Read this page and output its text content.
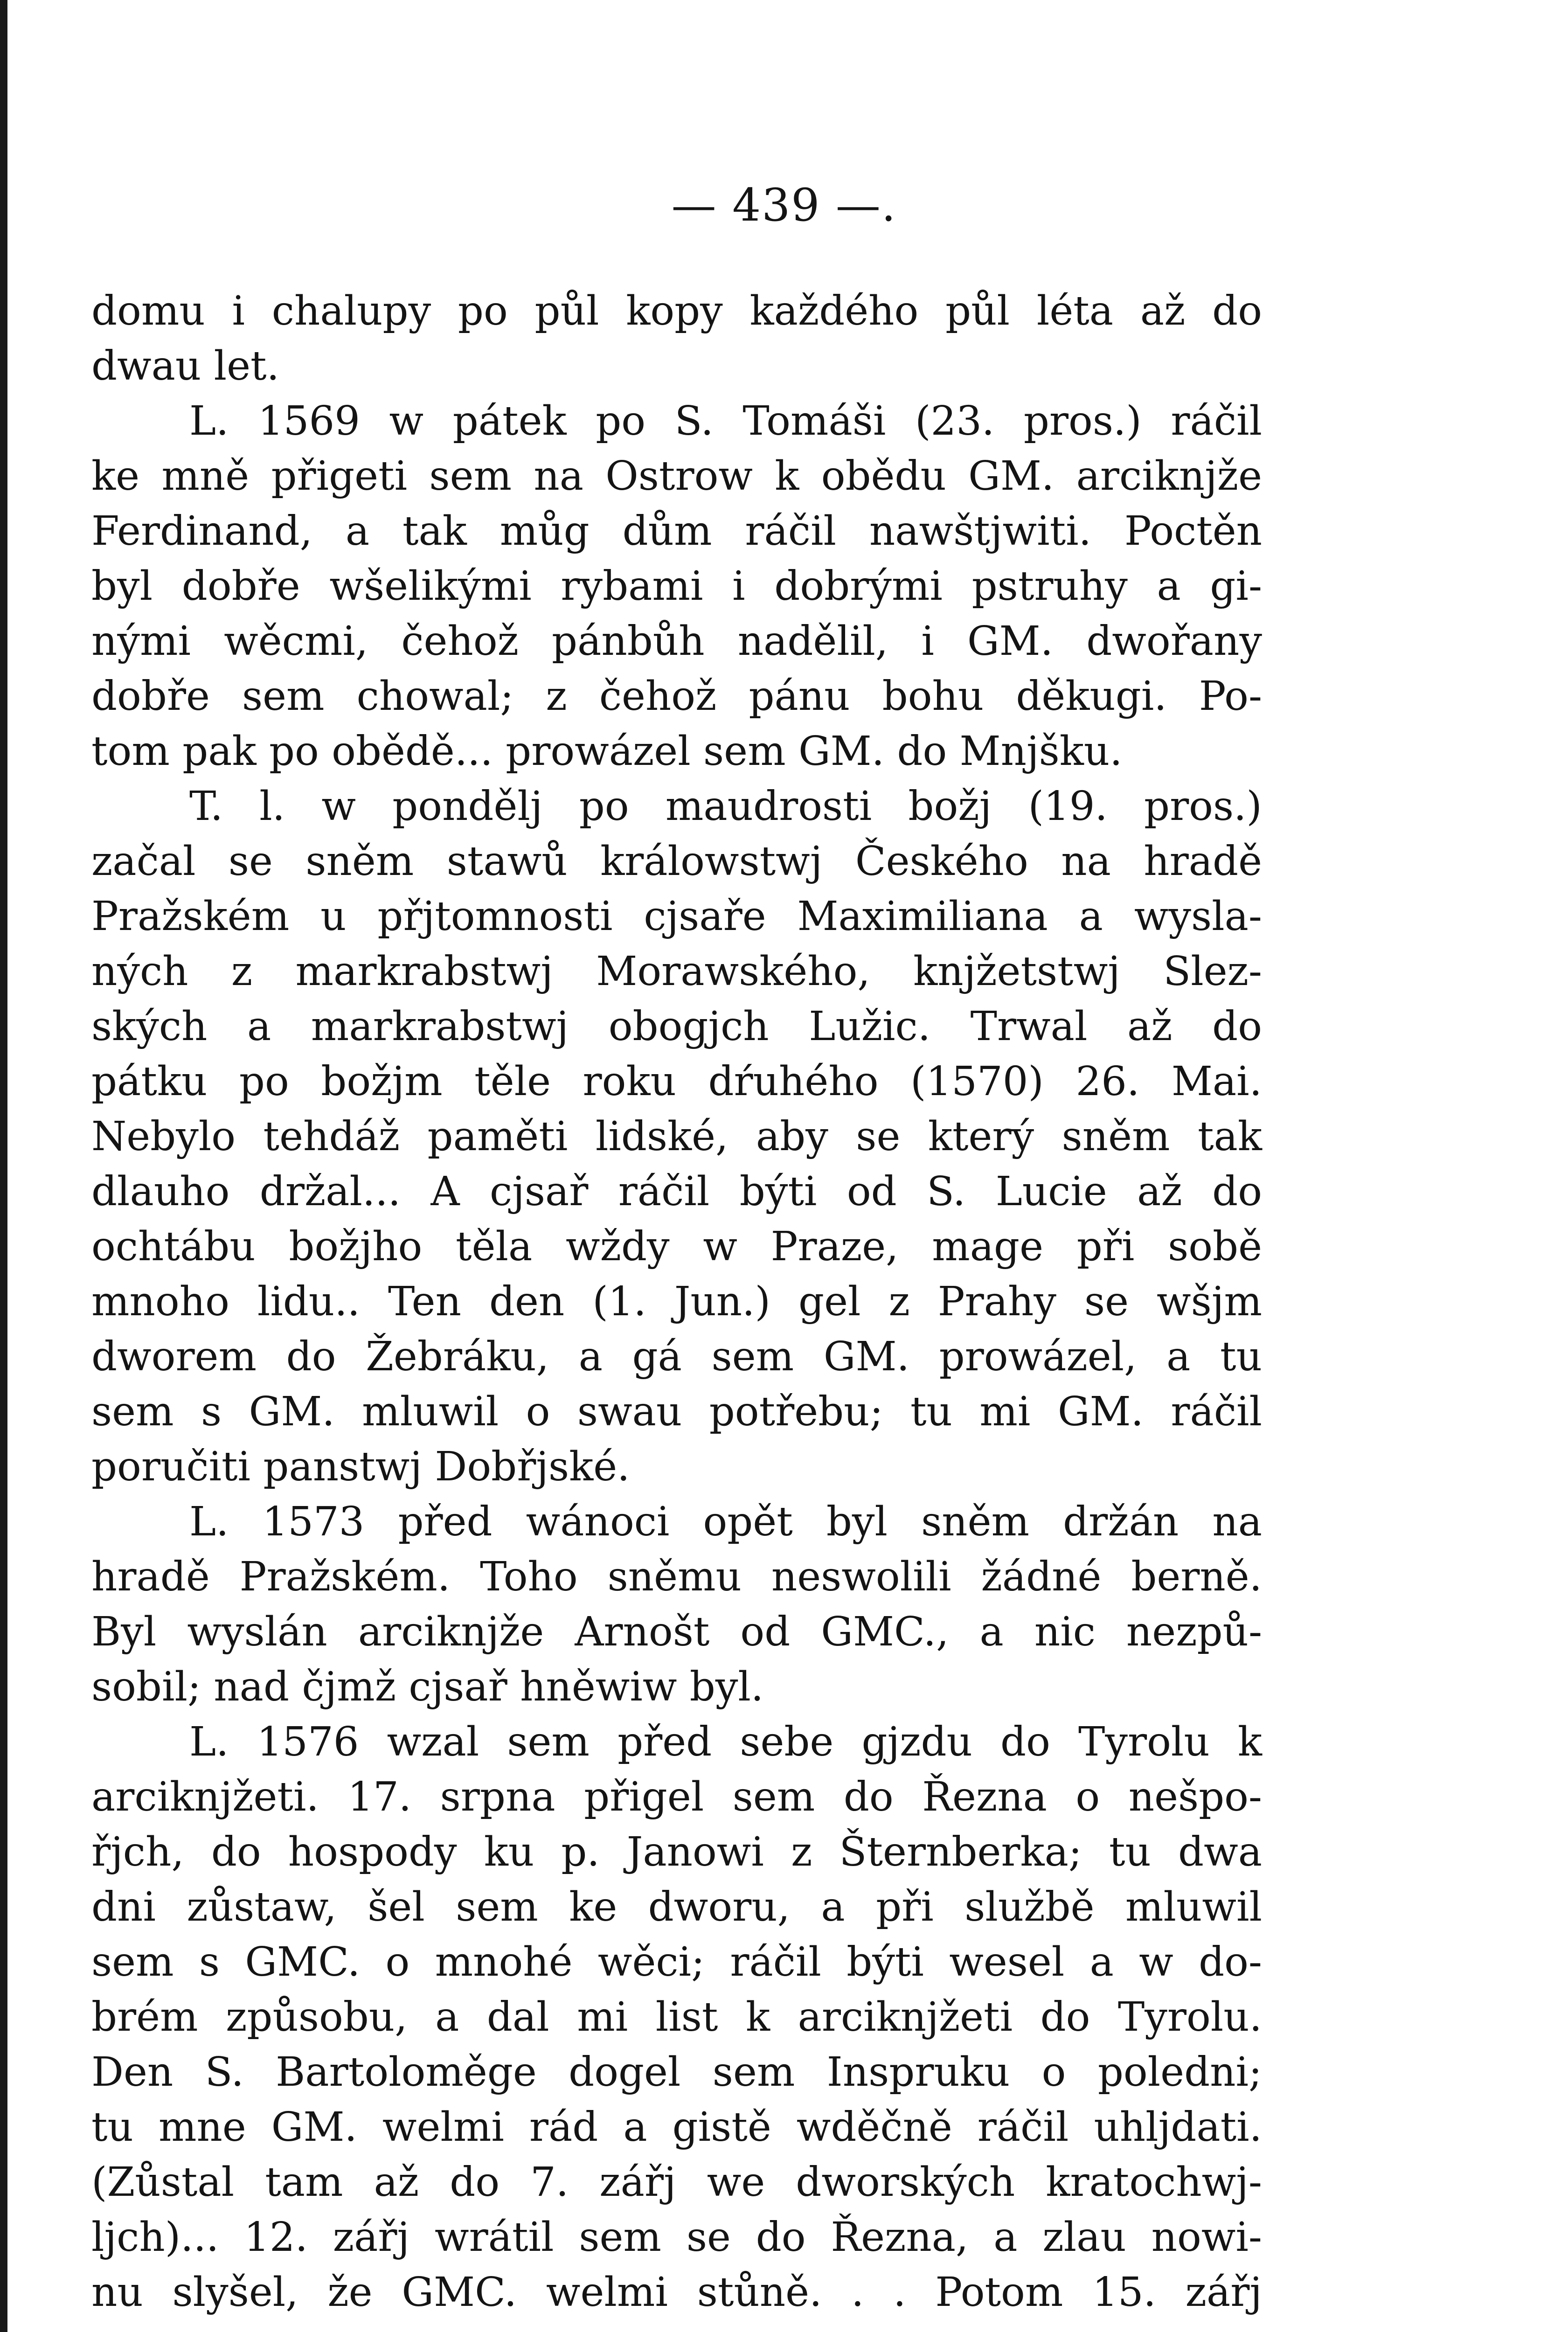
— 439 —.
domu i chalupy po půl kopy každého půl léta až do
dwau let.
L. 1569 w pátek po S. Tomáši (23. pros.) ráčil
ke mně přigeti sem na Ostrow k obědu GM. arciknjže
Ferdinand, a tak můg dům ráčil nawštjwiti. Poctěn
byl dobře wšelikými rybami i dobrými pstruhy a gi-
nými wěcmi, čehož pánbůh nadělil, i GM. dwořany
dobře sem chowal; z čehož pánu bohu děkugi. Po-
tom pak po obědě... prowázel sem GM. do Mnjšku.
T. l. w pondělj po maudrosti božj (19. pros.)
začal se sněm stawů králowstwj Českého na hradě
Pražském u přjtomnosti cjsaře Maximiliana a wysla-
ných z markrabstwj Morawského, knjžetstwj Slez-
ských a markrabstwj obogjch Lužic. Trwal až do
pátku po božjm těle roku dŕuhého (1570) 26. Mai.
Nebylo tehdáž paměti lidské, aby se který sněm tak
dlauho držal... A cjsař ráčil býti od S. Lucie až do
ochtábu božjho těla wždy w Praze, mage při sobě
mnoho lidu.. Ten den (1. Jun.) gel z Prahy se wšjm
dworem do Žebráku, a gá sem GM. prowázel, a tu
sem s GM. mluwil o swau potřebu; tu mi GM. ráčil
poručiti panstwj Dobřjské.
L. 1573 před wánoci opět byl sněm držán na
hradě Pražském. Toho sněmu neswolili žádné berně.
Byl wyslán arciknjže Arnošt od GMC., a nic nezpů-
sobil; nad čjmž cjsař hněwiw byl.
L. 1576 wzal sem před sebe gjzdu do Tyrolu k
arciknjžeti. 17. srpna přigel sem do Řezna o nešpo-
řjch, do hospody ku p. Janowi z Šternberka; tu dwa
dni zůstaw, šel sem ke dworu, a při službě mluwil
sem s GMC. o mnohé wěci; ráčil býti wesel a w do-
brém způsobu, a dal mi list k arciknjžeti do Tyrolu.
Den S. Bartoloměge dogel sem Inspruku o poledni;
tu mne GM. welmi rád a gistě wděčně ráčil uhljdati.
(Zůstal tam až do 7. zářj we dworských kratochwj-
ljch)... 12. zářj wrátil sem se do Řezna, a zlau nowi-
nu slyšel, že GMC. welmi stůně. . . Potom 15. zářj
